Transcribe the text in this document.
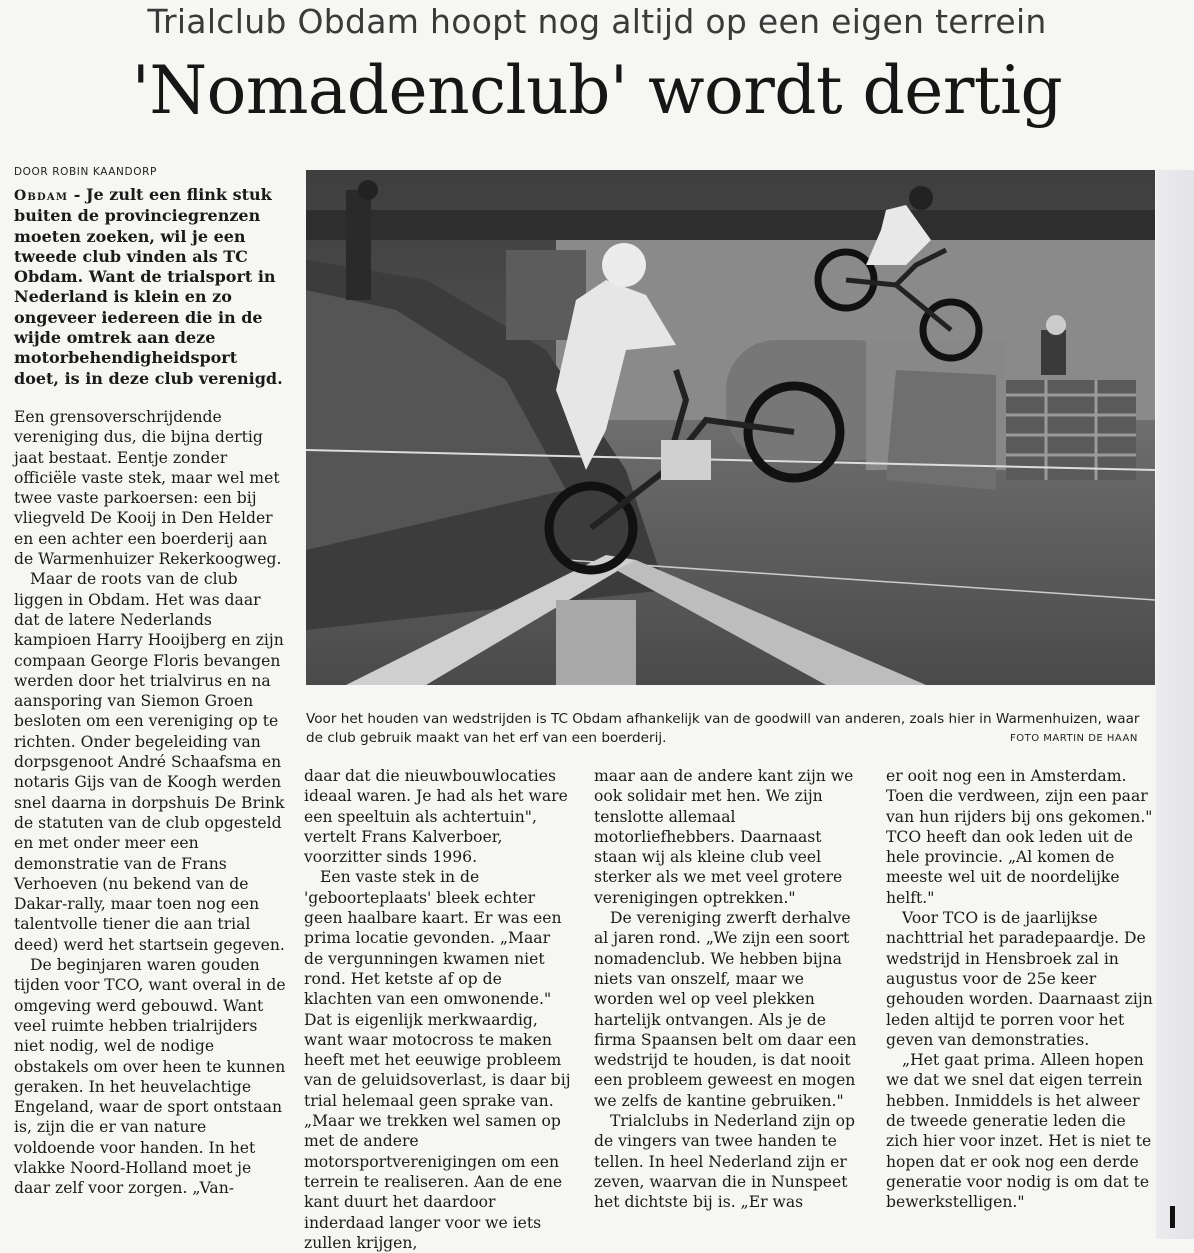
Trialclub Obdam hoopt nog altijd op een eigen terrein
'Nomadenclub' wordt dertig
DOOR ROBIN KAANDORP
Obdam - Je zult een flink stuk buiten de provinciegrenzen moeten zoeken, wil je een tweede club vinden als TC Obdam. Want de trialsport in Nederland is klein en zo ongeveer iedereen die in de wijde omtrek aan deze motorbehendigheidsport doet, is in deze club verenigd.
Voor het houden van wedstrijden is TC Obdam afhankelijk van de goodwill van anderen, zoals hier in Warmenhuizen, waar de club gebruik maakt van het erf van een boerderij.	FOTO MARTIN DE HAAN

Een grensoverschrijdende vereniging dus, die bijna dertig jaat bestaat. Eentje zonder officiële vaste stek, maar wel met twee vaste parkoersen: een bij vliegveld De Kooij in Den Helder en een achter een boerderij aan de Warmenhuizer Rekerkoogweg.

Maar de roots van de club liggen in Obdam. Het was daar dat de latere Nederlands kampioen Harry Hooijberg en zijn compaan George Floris bevangen werden door het trialvirus en na aansporing van Siemon Groen besloten om een vereniging op te richten. Onder begeleiding van dorpsgenoot André Schaafsma en notaris Gijs van de Koogh werden snel daarna in dorpshuis De Brink de statuten van de club opgesteld en met onder meer een demonstratie van de Frans Verhoeven (nu bekend van de Dakar-rally, maar toen nog een talentvolle tiener die aan trial deed) werd het startsein gegeven.

De beginjaren waren gouden tijden voor TCO, want overal in de omgeving werd gebouwd. Want veel ruimte hebben trialrijders niet nodig, wel de nodige obstakels om over heen te kunnen geraken. In het heuvelachtige Engeland, waar de sport ontstaan is, zijn die er van nature voldoende voor handen. In het vlakke Noord-Holland moet je daar zelf voor zorgen. „Van-

daar dat die nieuwbouwlocaties ideaal waren. Je had als het ware een speeltuin als achtertuin", vertelt Frans Kalverboer, voorzitter sinds 1996.

Een vaste stek in de 'geboorteplaats' bleek echter geen haalbare kaart. Er was een prima locatie gevonden. „Maar de vergunningen kwamen niet rond. Het ketste af op de klachten van een omwonende." Dat is eigenlijk merkwaardig, want waar motocross te maken heeft met het eeuwige probleem van de geluidsoverlast, is daar bij trial helemaal geen sprake van. „Maar we trekken wel samen op met de andere motorsportverenigingen om een terrein te realiseren. Aan de ene kant duurt het daardoor inderdaad langer voor we iets zullen krijgen,

maar aan de andere kant zijn we ook solidair met hen. We zijn tenslotte allemaal motorliefhebbers. Daarnaast staan wij als kleine club veel sterker als we met veel grotere verenigingen optrekken."

De vereniging zwerft derhalve al jaren rond. „We zijn een soort nomadenclub. We hebben bijna niets van onszelf, maar we worden wel op veel plekken hartelijk ontvangen. Als je de firma Spaansen belt om daar een wedstrijd te houden, is dat nooit een probleem geweest en mogen we zelfs de kantine gebruiken."

Trialclubs in Nederland zijn op de vingers van twee handen te tellen. In heel Nederland zijn er zeven, waarvan die in Nunspeet het dichtste bij is. „Er was

er ooit nog een in Amsterdam. Toen die verdween, zijn een paar van hun rijders bij ons gekomen." TCO heeft dan ook leden uit de hele provincie. „Al komen de meeste wel uit de noordelijke helft."

Voor TCO is de jaarlijkse nachttrial het paradepaardje. De wedstrijd in Hensbroek zal in augustus voor de 25e keer gehouden worden. Daarnaast zijn leden altijd te porren voor het geven van demonstraties.

„Het gaat prima. Alleen hopen we dat we snel dat eigen terrein hebben. Inmiddels is het alweer de tweede generatie leden die zich hier voor inzet. Het is niet te hopen dat er ook nog een derde generatie voor nodig is om dat te bewerkstelligen."
